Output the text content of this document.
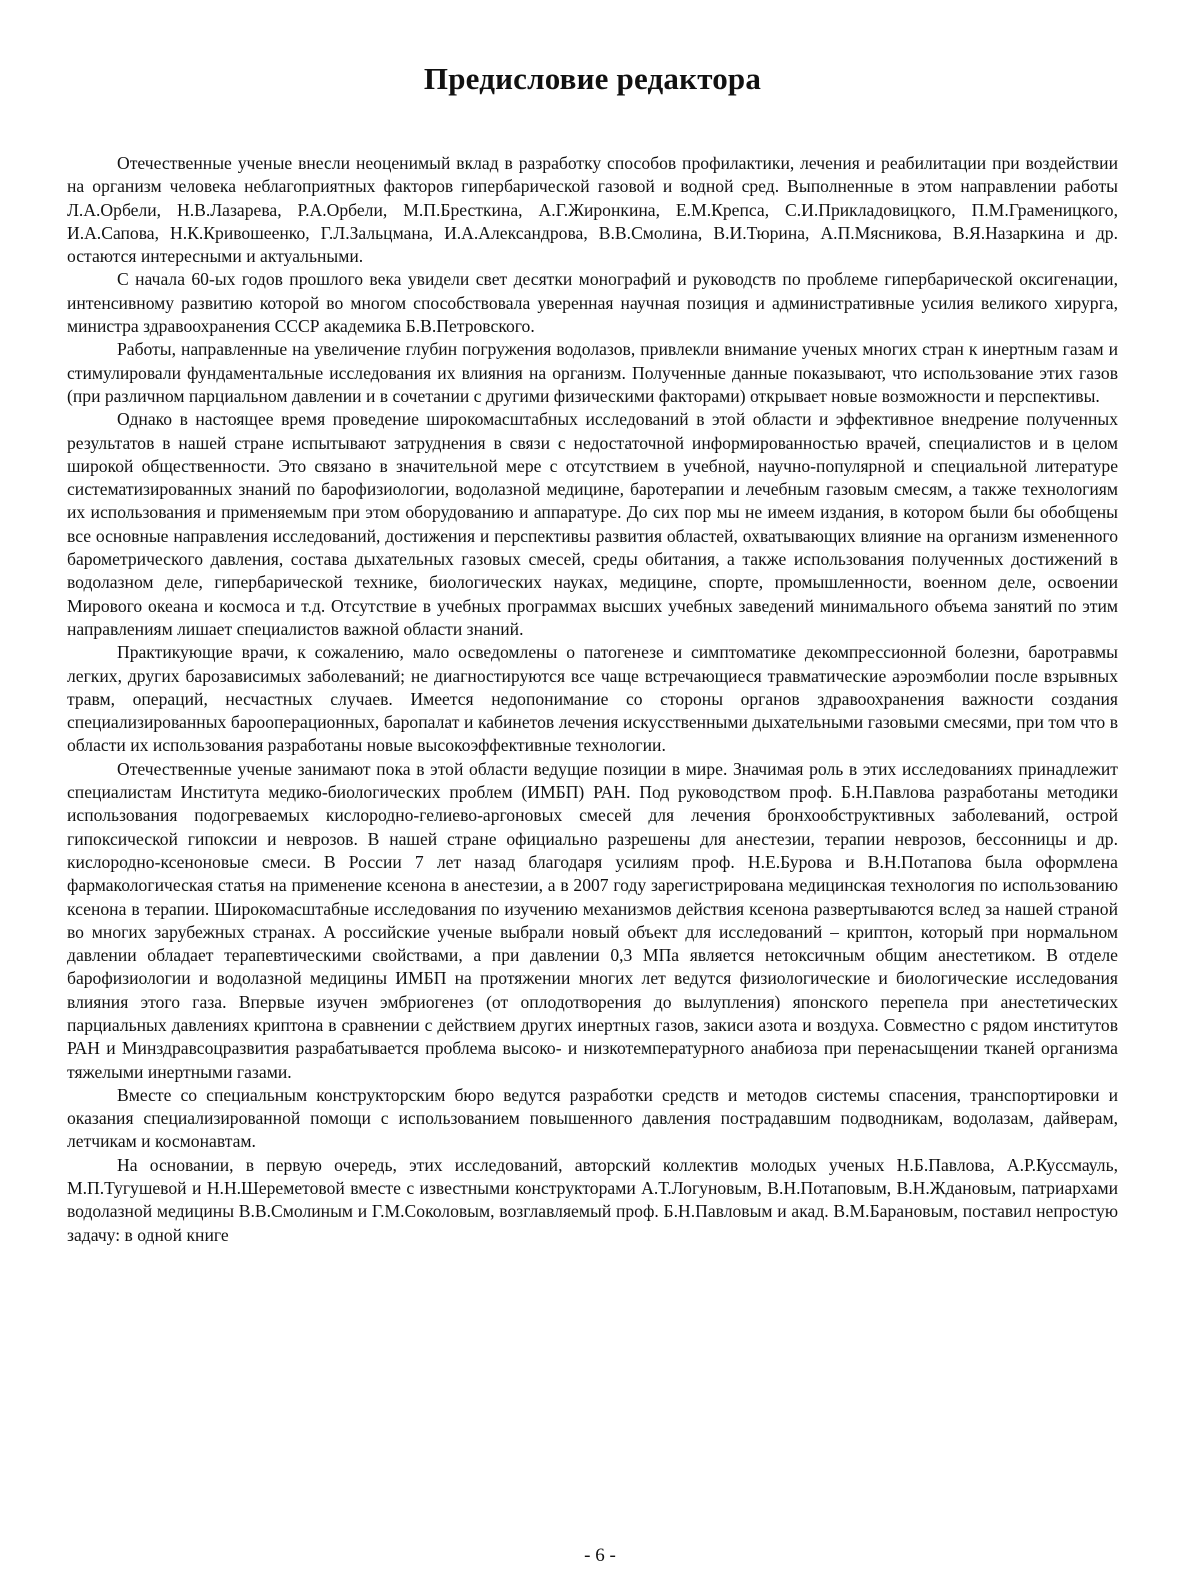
Предисловие редактора

Отечественные ученые внесли неоценимый вклад в разработку способов профилактики, лечения и реабилитации при воздействии на организм человека неблагоприятных факторов гипербарической газовой и водной сред. Выполненные в этом направлении работы Л.А.Орбели, Н.В.Лазарева, Р.А.Орбели, М.П.Бресткина, А.Г.Жиронкина, Е.М.Крепса, С.И.Прикладовицкого, П.М.Граменицкого, И.А.Сапова, Н.К.Кривошеенко, Г.Л.Зальцмана, И.А.Александрова, В.В.Смолина, В.И.Тюрина, А.П.Мясникова, В.Я.Назаркина и др. остаются интересными и актуальными.

С начала 60-ых годов прошлого века увидели свет десятки монографий и руководств по проблеме гипербарической оксигенации, интенсивному развитию которой во многом способствовала уверенная научная позиция и административные усилия великого хирурга, министра здравоохранения СССР академика Б.В.Петровского.

Работы, направленные на увеличение глубин погружения водолазов, привлекли внимание ученых многих стран к инертным газам и стимулировали фундаментальные исследования их влияния на организм. Полученные данные показывают, что использование этих газов (при различном парциальном давлении и в сочетании с другими физическими факторами) открывает новые возможности и перспективы.

Однако в настоящее время проведение широкомасштабных исследований в этой области и эффективное внедрение полученных результатов в нашей стране испытывают затруднения в связи с недостаточной информированностью врачей, специалистов и в целом широкой общественности. Это связано в значительной мере с отсутствием в учебной, научно-популярной и специальной литературе систематизированных знаний по барофизиологии, водолазной медицине, баротерапии и лечебным газовым смесям, а также технологиям их использования и применяемым при этом оборудованию и аппаратуре. До сих пор мы не имеем издания, в котором были бы обобщены все основные направления исследований, достижения и перспективы развития областей, охватывающих влияние на организм измененного барометрического давления, состава дыхательных газовых смесей, среды обитания, а также использования полученных достижений в водолазном деле, гипербарической технике, биологических науках, медицине, спорте, промышленности, военном деле, освоении Мирового океана и космоса и т.д. Отсутствие в учебных программах высших учебных заведений минимального объема занятий по этим направлениям лишает специалистов важной области знаний.

Практикующие врачи, к сожалению, мало осведомлены о патогенезе и симптоматике декомпрессионной болезни, баротравмы легких, других барозависимых заболеваний; не диагностируются все чаще встречающиеся травматические аэроэмболии после взрывных травм, операций, несчастных случаев. Имеется недопонимание со стороны органов здравоохранения важности создания специализированных барооперационных, баропалат и кабинетов лечения искусственными дыхательными газовыми смесями, при том что в области их использования разработаны новые высокоэффективные технологии.

Отечественные ученые занимают пока в этой области ведущие позиции в мире. Значимая роль в этих исследованиях принадлежит специалистам Института медико-биологических проблем (ИМБП) РАН. Под руководством проф. Б.Н.Павлова разработаны методики использования подогреваемых кислородно-гелиево-аргоновых смесей для лечения бронхообструктивных заболеваний, острой гипоксической гипоксии и неврозов. В нашей стране официально разрешены для анестезии, терапии неврозов, бессонницы и др. кислородно-ксеноновые смеси. В России 7 лет назад благодаря усилиям проф. Н.Е.Бурова и В.Н.Потапова была оформлена фармакологическая статья на применение ксенона в анестезии, а в 2007 году зарегистрирована медицинская технология по использованию ксенона в терапии. Широкомасштабные исследования по изучению механизмов действия ксенона развертываются вслед за нашей страной во многих зарубежных странах. А российские ученые выбрали новый объект для исследований – криптон, который при нормальном давлении обладает терапевтическими свойствами, а при давлении 0,3 МПа является нетоксичным общим анестетиком. В отделе барофизиологии и водолазной медицины ИМБП на протяжении многих лет ведутся физиологические и биологические исследования влияния этого газа. Впервые изучен эмбриогенез (от оплодотворения до вылупления) японского перепела при анестетических парциальных давлениях криптона в сравнении с действием других инертных газов, закиси азота и воздуха. Совместно с рядом институтов РАН и Минздравсоцразвития разрабатывается проблема высоко- и низкотемпературного анабиоза при перенасыщении тканей организма тяжелыми инертными газами.

Вместе со специальным конструкторским бюро ведутся разработки средств и методов системы спасения, транспортировки и оказания специализированной помощи с использованием повышенного давления пострадавшим подводникам, водолазам, дайверам, летчикам и космонавтам.

На основании, в первую очередь, этих исследований, авторский коллектив молодых ученых Н.Б.Павлова, А.Р.Куссмауль, М.П.Тугушевой и Н.Н.Шереметовой вместе с известными конструкторами А.Т.Логуновым, В.Н.Потаповым, В.Н.Ждановым, патриархами водолазной медицины В.В.Смолиным и Г.М.Соколовым, возглавляемый проф. Б.Н.Павловым и акад. В.М.Барановым, поставил непростую задачу: в одной книге

- 6 -
